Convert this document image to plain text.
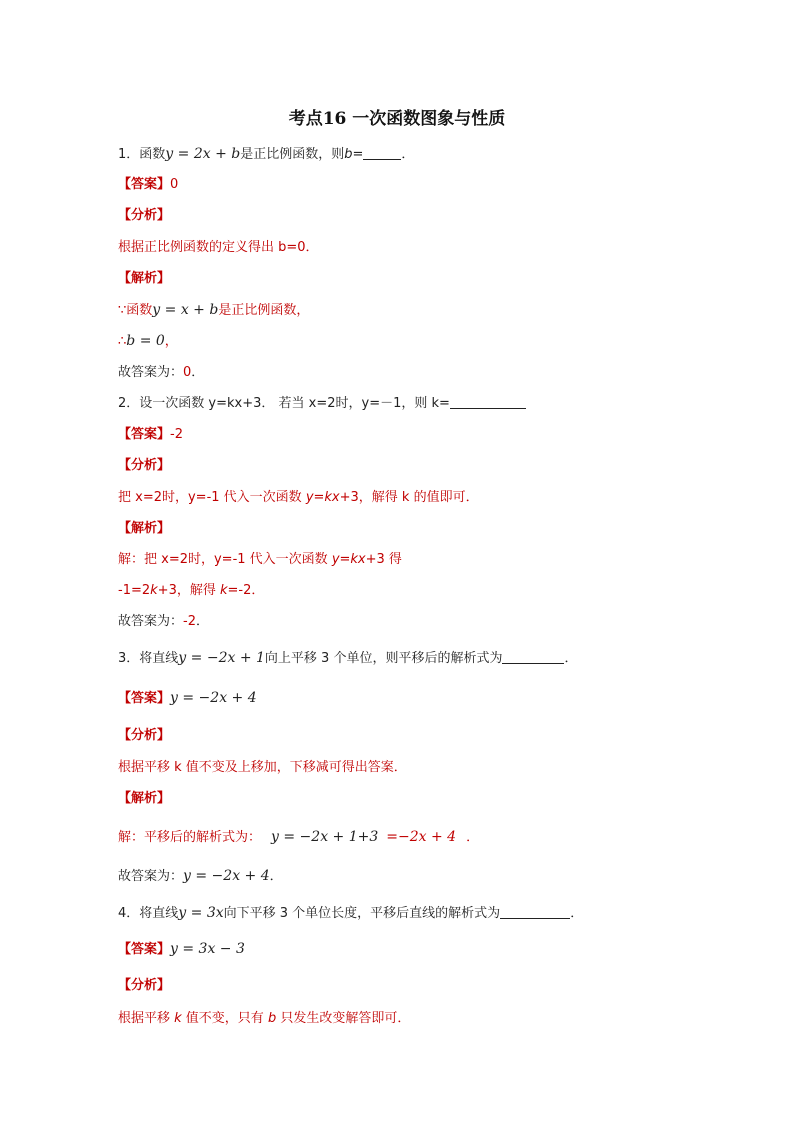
考点16 一次函数图象与性质
1．函数y = 2x + b是正比例函数，则b=	．
【答案】0
【分析】
根据正比例函数的定义得出 b=0．
【解析】
∵函数y = x + b是正比例函数，
∴b = 0，
故答案为：0．
2．设一次函数 y=kx+3． 若当 x=2时，y=－1，则 k=
【答案】-2
【分析】
把 x=2时，y=-1 代入一次函数 y=kx+3，解得 k 的值即可．
【解析】
解：把 x=2时，y=-1 代入一次函数 y=kx+3 得
-1=2k+3，解得 k=-2．
故答案为：-2．
3．将直线y = −2x + 1向上平移 3 个单位，则平移后的解析式为	．
【答案】y = −2x + 4
【分析】
根据平移 k 值不变及上移加，下移减可得出答案．
【解析】
解：平移后的解析式为： y = −2x + 1+3 =−2x + 4 ．
故答案为：y = −2x + 4．
4．将直线y = 3x向下平移 3 个单位长度，平移后直线的解析式为	．
【答案】y = 3x − 3
【分析】
根据平移 k 值不变，只有 b 只发生改变解答即可．
